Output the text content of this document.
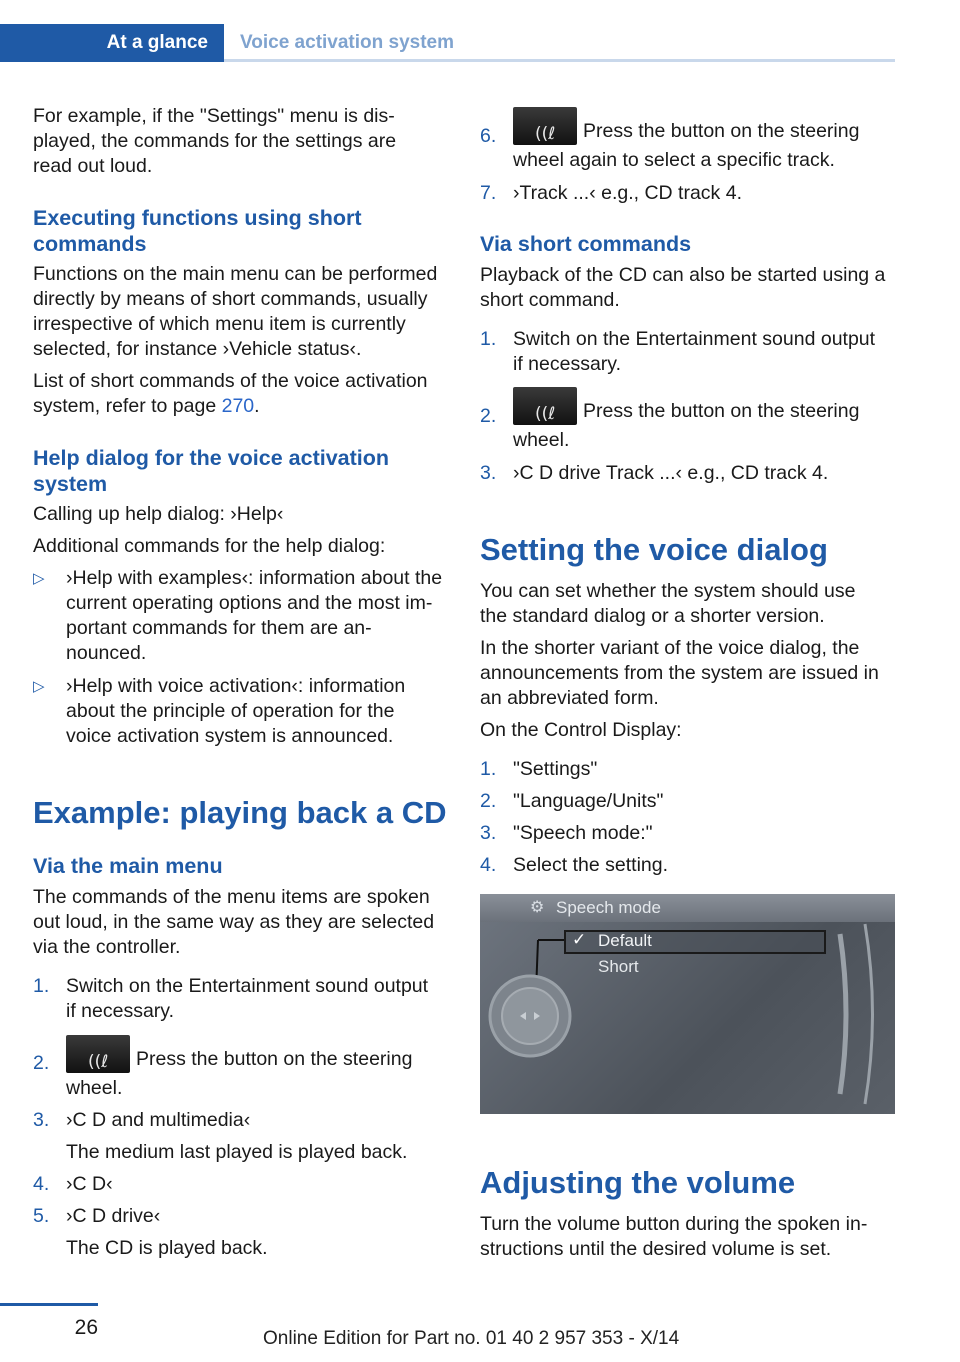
At a glance	Voice activation system

For example, if the "Settings" menu is dis-

played, the commands for the settings are

read out loud.

Executing functions using short

commands

Functions on the main menu can be performed

directly by means of short commands, usually

irrespective of which menu item is currently

selected, for instance ›Vehicle status‹.

List of short commands of the voice activation

system, refer to page 270.

Help dialog for the voice activation

system

Calling up help dialog: ›Help‹

Additional commands for the help dialog:

▷ ›Help with examples‹: information about the

current operating options and the most im-

portant commands for them are an-

nounced.

▷ ›Help with voice activation‹: information

about the principle of operation for the

voice activation system is announced.

Example: playing back a CD

Via the main menu

The commands of the menu items are spoken

out loud, in the same way as they are selected

via the controller.

1. Switch on the Entertainment sound output

if necessary.

2. ((ℓ Press the button on the steering

wheel.

3. ›C D and multimedia‹

The medium last played is played back.

4. ›C D‹

5. ›C D drive‹

The CD is played back.

6. ((ℓ Press the button on the steering

wheel again to select a specific track.

7. ›Track ...‹ e.g., CD track 4.

Via short commands

Playback of the CD can also be started using a

short command.

1. Switch on the Entertainment sound output

if necessary.

2. ((ℓ Press the button on the steering

wheel.

3. ›C D drive Track ...‹ e.g., CD track 4.

Setting the voice dialog

You can set whether the system should use

the standard dialog or a shorter version.

In the shorter variant of the voice dialog, the

announcements from the system are issued in

an abbreviated form.

On the Control Display:

1. "Settings"

2. "Language/Units"

3. "Speech mode:"

4. Select the setting.

⚙ Speech mode
✓ Default
Short

Adjusting the volume

Turn the volume button during the spoken in-

structions until the desired volume is set.

26	Online Edition for Part no. 01 40 2 957 353 - X/14
